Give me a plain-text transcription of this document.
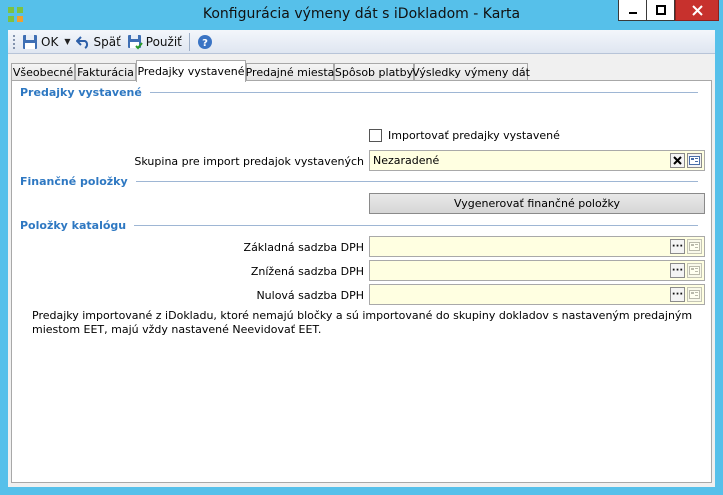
Konfigurácia výmeny dát s iDokladom - Karta
OK ▼ Späť Použiť ?
Všeobecné Fakturácia Predajky vystavené Predajné miesta Spôsob platby
Výsledky výmeny dát
Predajky vystavené
Importovať predajky vystavené
Skupina pre import predajok vystavených Nezaradené
Finančné položky
Vygenerovať finančné položky
Položky katalógu
Základná sadzba DPH	···
Znížená sadzba DPH	···
Nulová sadzba DPH	···
Predajky importované z iDokladu, ktoré nemajú bločky a sú importované do skupiny dokladov s nastaveným predajným miestom EET, majú vždy nastavené Neevidovať EET.
